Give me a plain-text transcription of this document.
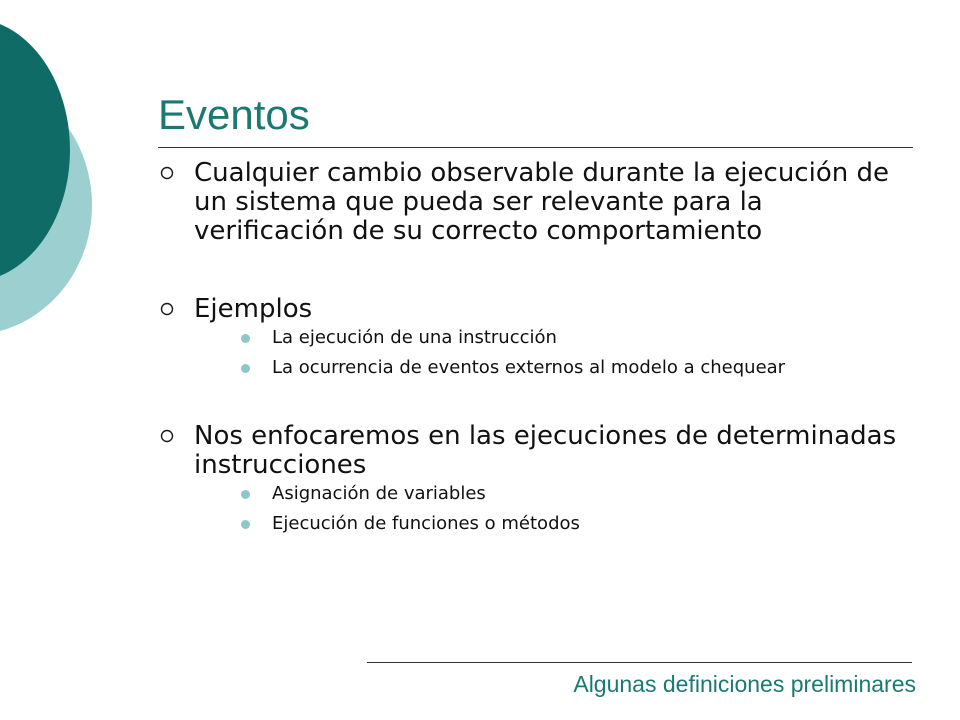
Eventos
Cualquier cambio observable durante la ejecución de un sistema que pueda ser relevante para la verificación de su correcto comportamiento
Ejemplos
La ejecución de una instrucción
La ocurrencia de eventos externos al modelo a chequear
Nos enfocaremos en las ejecuciones de determinadas instrucciones
Asignación de variables
Ejecución de funciones o métodos
Algunas definiciones preliminares
